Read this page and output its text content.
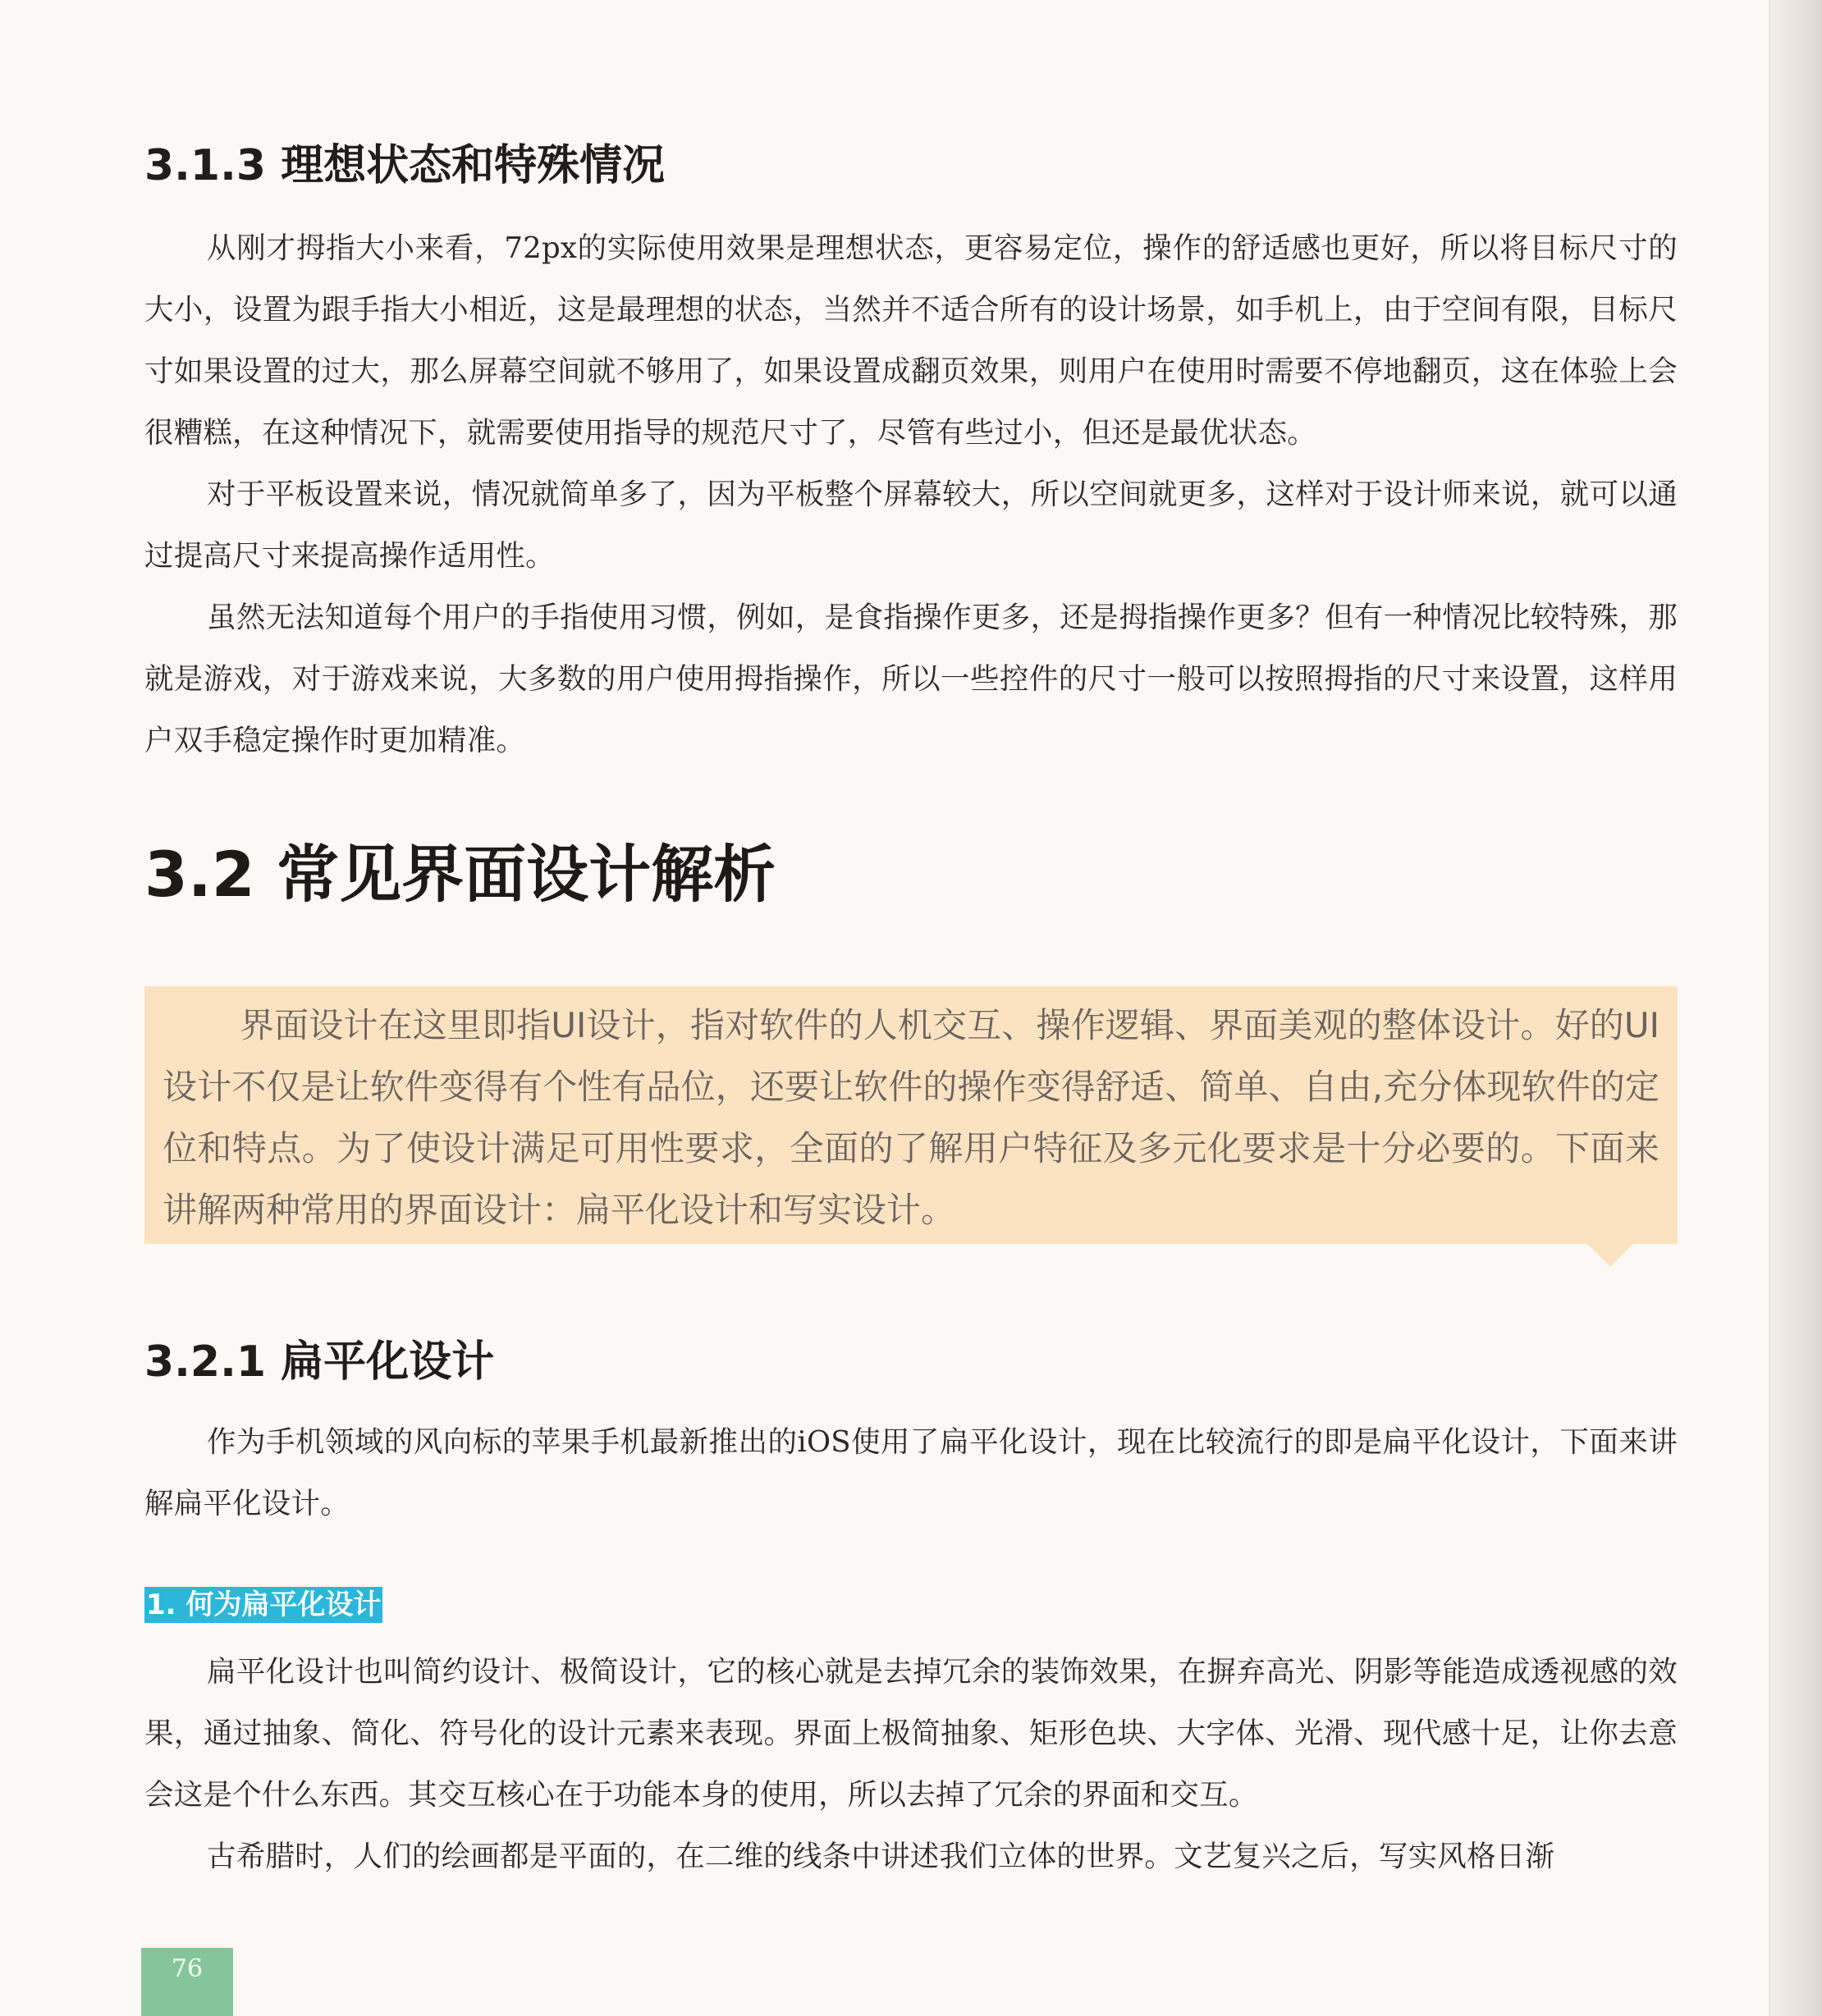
3.1.3 理想状态和特殊情况

从刚才拇指大小来看，72px的实际使用效果是理想状态，更容易定位，操作的舒适感也更好，所以将目标尺寸的大小，设置为跟手指大小相近，这是最理想的状态，当然并不适合所有的设计场景，如手机上，由于空间有限，目标尺寸如果设置的过大，那么屏幕空间就不够用了，如果设置成翻页效果，则用户在使用时需要不停地翻页，这在体验上会很糟糕，在这种情况下，就需要使用指导的规范尺寸了，尽管有些过小，但还是最优状态。

对于平板设置来说，情况就简单多了，因为平板整个屏幕较大，所以空间就更多，这样对于设计师来说，就可以通过提高尺寸来提高操作适用性。

虽然无法知道每个用户的手指使用习惯，例如，是食指操作更多，还是拇指操作更多？但有一种情况比较特殊，那就是游戏，对于游戏来说，大多数的用户使用拇指操作，所以一些控件的尺寸一般可以按照拇指的尺寸来设置，这样用户双手稳定操作时更加精准。

3.2 常见界面设计解析

界面设计在这里即指UI设计，指对软件的人机交互、操作逻辑、界面美观的整体设计。好的UI设计不仅是让软件变得有个性有品位，还要让软件的操作变得舒适、简单、自由,充分体现软件的定位和特点。为了使设计满足可用性要求，全面的了解用户特征及多元化要求是十分必要的。下面来讲解两种常用的界面设计：扁平化设计和写实设计。

3.2.1 扁平化设计

作为手机领域的风向标的苹果手机最新推出的iOS使用了扁平化设计，现在比较流行的即是扁平化设计，下面来讲解扁平化设计。

1. 何为扁平化设计

扁平化设计也叫简约设计、极简设计，它的核心就是去掉冗余的装饰效果，在摒弃高光、阴影等能造成透视感的效果，通过抽象、简化、符号化的设计元素来表现。界面上极简抽象、矩形色块、大字体、光滑、现代感十足，让你去意会这是个什么东西。其交互核心在于功能本身的使用，所以去掉了冗余的界面和交互。

古希腊时，人们的绘画都是平面的，在二维的线条中讲述我们立体的世界。文艺复兴之后，写实风格日渐

76
